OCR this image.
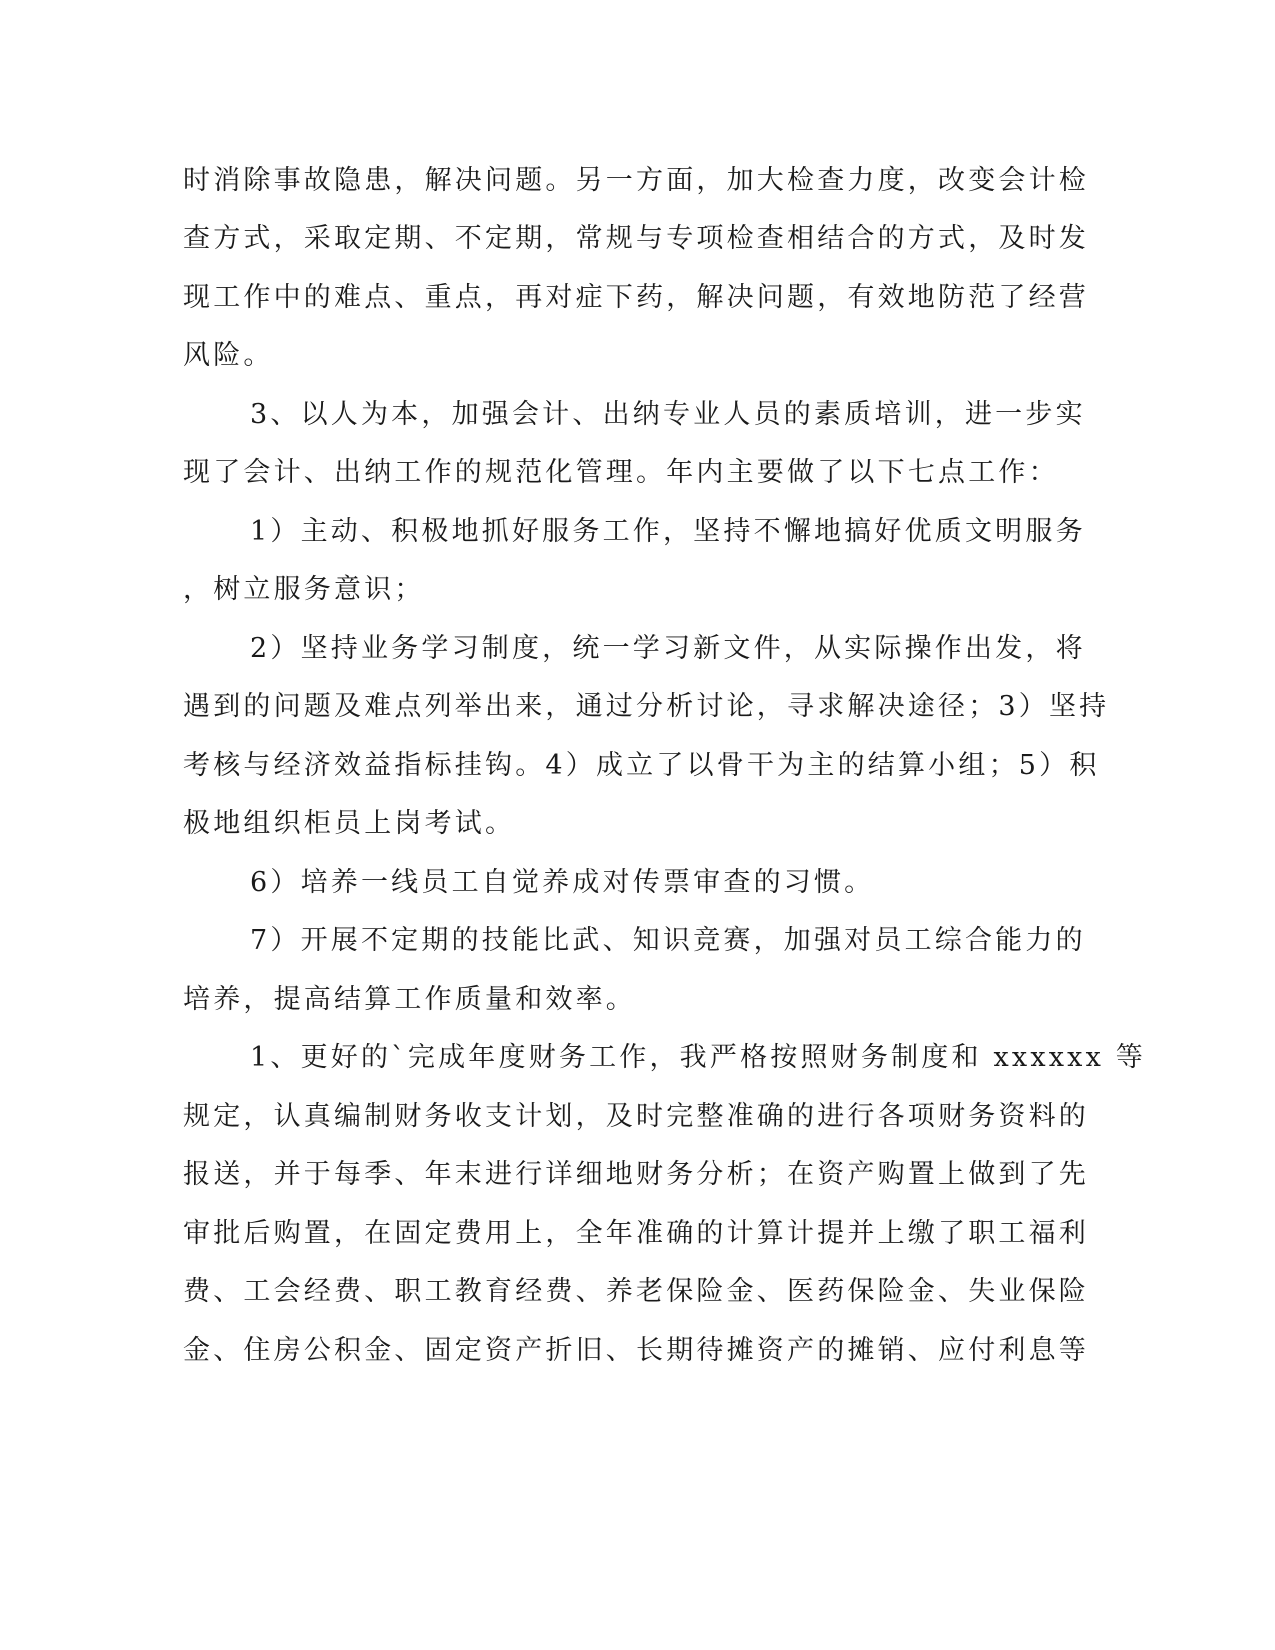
时消除事故隐患，解决问题。另一方面，加大检查力度，改变会计检
查方式，采取定期、不定期，常规与专项检查相结合的方式，及时发
现工作中的难点、重点，再对症下药，解决问题，有效地防范了经营
风险。
3、以人为本，加强会计、出纳专业人员的素质培训，进一步实
现了会计、出纳工作的规范化管理。年内主要做了以下七点工作：
1）主动、积极地抓好服务工作，坚持不懈地搞好优质文明服务
，树立服务意识；
2）坚持业务学习制度，统一学习新文件，从实际操作出发，将
遇到的问题及难点列举出来，通过分析讨论，寻求解决途径；3）坚持
考核与经济效益指标挂钩。4）成立了以骨干为主的结算小组；5）积
极地组织柜员上岗考试。
6）培养一线员工自觉养成对传票审查的习惯。
7）开展不定期的技能比武、知识竞赛，加强对员工综合能力的
培养，提高结算工作质量和效率。
1、更好的`完成年度财务工作，我严格按照财务制度和 xxxxxx 等
规定，认真编制财务收支计划，及时完整准确的进行各项财务资料的
报送，并于每季、年末进行详细地财务分析；在资产购置上做到了先
审批后购置，在固定费用上，全年准确的计算计提并上缴了职工福利
费、工会经费、职工教育经费、养老保险金、医药保险金、失业保险
金、住房公积金、固定资产折旧、长期待摊资产的摊销、应付利息等
